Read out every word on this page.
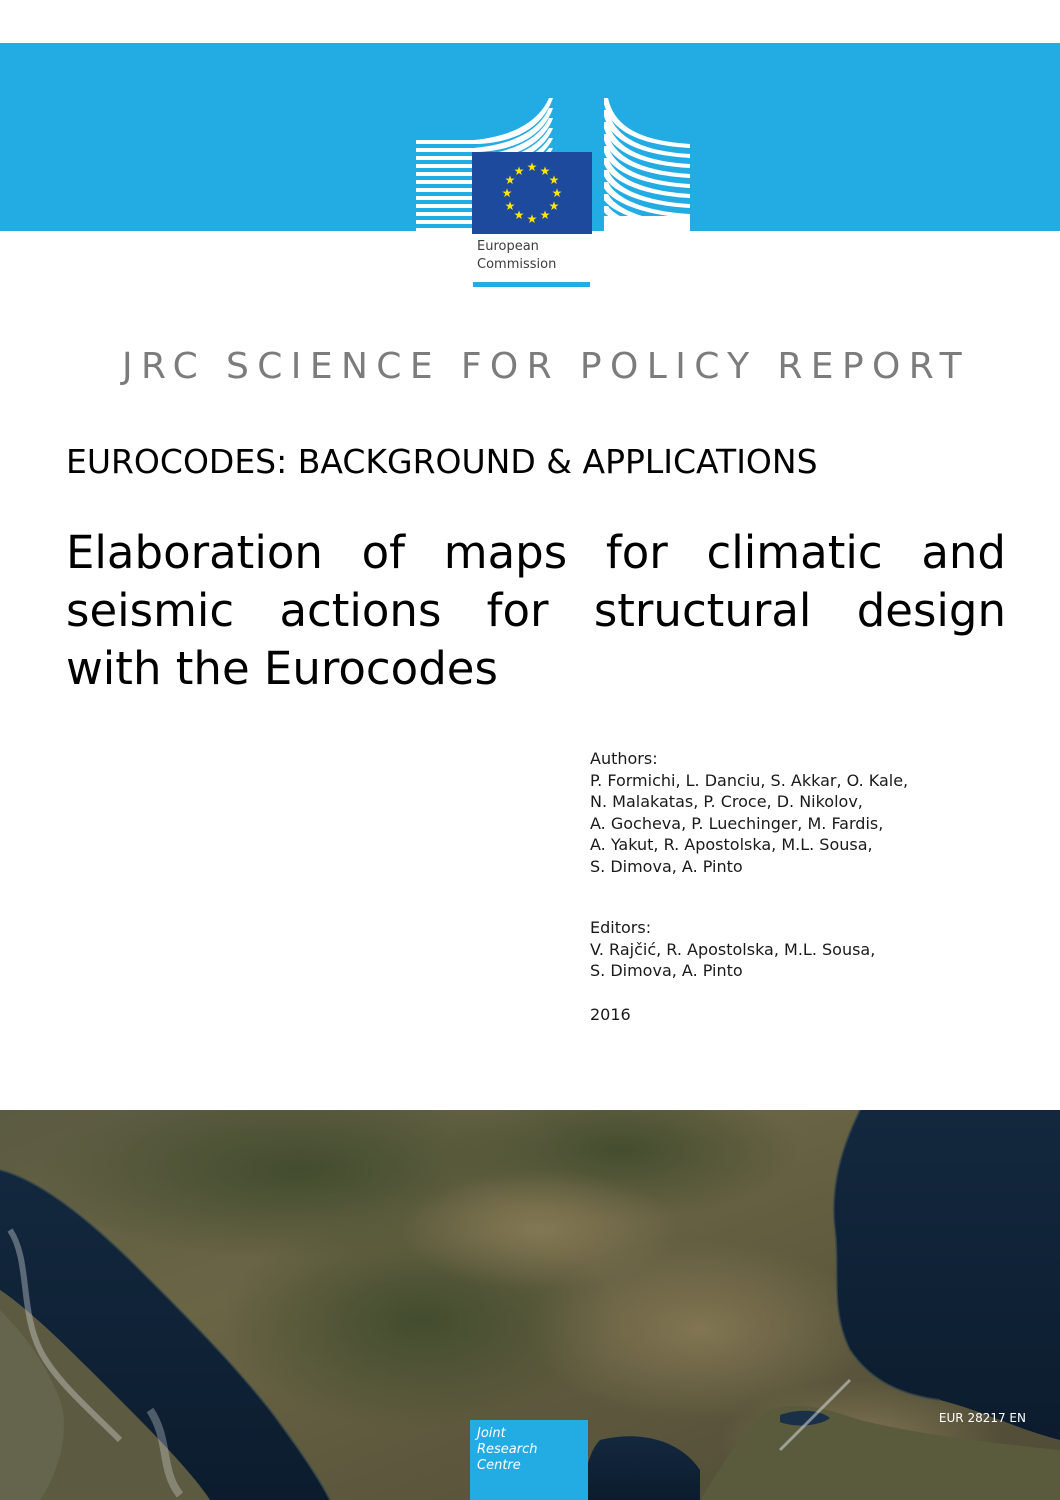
★ ★
★
★
★
★
★
★
★
★
★
★
European
Commission
JRC SCIENCE FOR POLICY REPORT
EUROCODES: BACKGROUND & APPLICATIONS
Elaboration of maps for climatic and
seismic actions for structural design
with the Eurocodes
Authors:
P. Formichi, L. Danciu, S. Akkar, O. Kale,
N. Malakatas, P. Croce, D. Nikolov,
A. Gocheva, P. Luechinger, M. Fardis,
A. Yakut, R. Apostolska, M.L. Sousa,
S. Dimova, A. Pinto
Editors:
V. Rajčić, R. Apostolska, M.L. Sousa,
S. Dimova, A. Pinto
2016
Joint
Research
Centre
EUR 28217 EN
